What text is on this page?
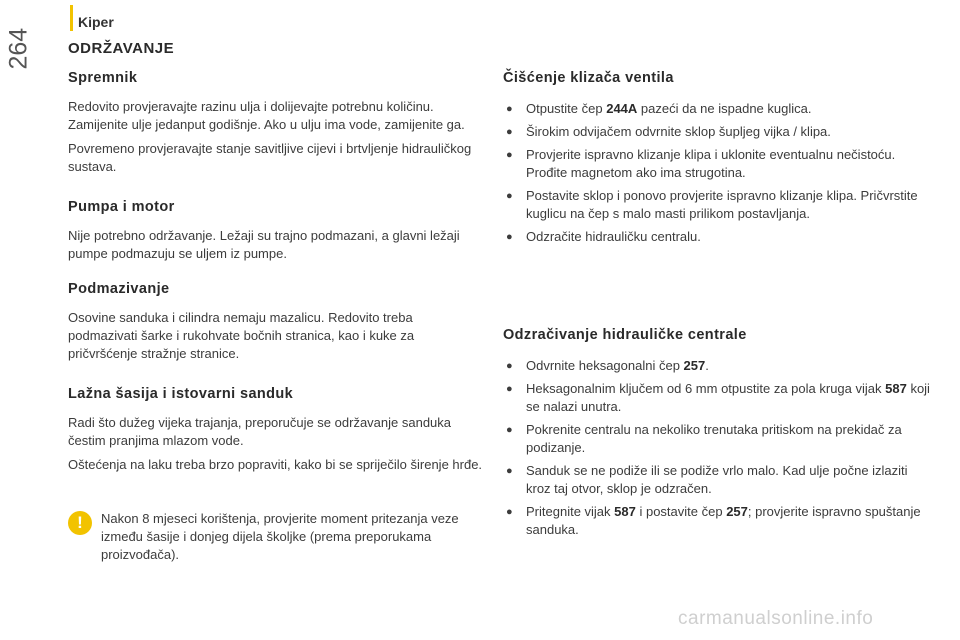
264
Kiper
ODRŽAVANJE
Spremnik

Redovito provjeravajte razinu ulja i dolijevajte potrebnu količinu. Zamijenite ulje jedanput godišnje. Ako u ulju ima vode, zamijenite ga.

Povremeno provjeravajte stanje savitljive cijevi i brtvljenje hidrauličkog sustava.

Pumpa i motor

Nije potrebno održavanje. Ležaji su trajno podmazani, a glavni ležaji pumpe podmazuju se uljem iz pumpe.

Podmazivanje

Osovine sanduka i cilindra nemaju mazalicu. Redovito treba podmazivati šarke i rukohvate bočnih stranica, kao i kuke za pričvršćenje stražnje stranice.

Lažna šasija i istovarni sanduk

Radi što dužeg vijeka trajanja, preporučuje se održavanje sanduka čestim pranjima mlazom vode.

Oštećenja na laku treba brzo popraviti, kako bi se spriječilo širenje hrđe.

!	Nakon 8 mjeseci korištenja, provjerite moment pritezanja veze između šasije i donjeg dijela školjke (prema preporukama proizvođača).

Čišćenje klizača ventila
● Otpustite čep 244A pazeći da ne ispadne kuglica.
● Širokim odvijačem odvrnite sklop šupljeg vijka / klipa.
● Provjerite ispravno klizanje klipa i uklonite eventualnu nečistoću. Prođite magnetom ako ima strugotina.
● Postavite sklop i ponovo provjerite ispravno klizanje klipa. Pričvrstite kuglicu na čep s malo masti prilikom postavljanja.
● Odzračite hidrauličku centralu.
Odzračivanje hidrauličke centrale
● Odvrnite heksagonalni čep 257.
● Heksagonalnim ključem od 6 mm otpustite za pola kruga vijak 587 koji se nalazi unutra.
● Pokrenite centralu na nekoliko trenutaka pritiskom na prekidač za podizanje.
● Sanduk se ne podiže ili se podiže vrlo malo. Kad ulje počne izlaziti kroz taj otvor, sklop je odzračen.
● Pritegnite vijak 587 i postavite čep 257; provjerite ispravno spuštanje sanduka.
carmanualsonline.info
